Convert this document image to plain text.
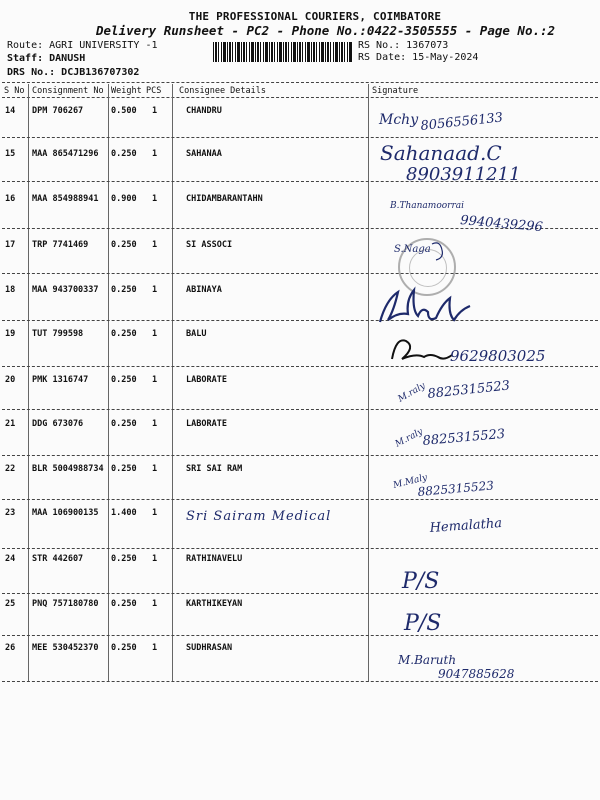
THE PROFESSIONAL COURIERS, COIMBATORE
Delivery Runsheet - PC2 - Phone No.:0422-3505555 - Page No.:2
Route: AGRI UNIVERSITY -1
Staff: DANUSH
DRS No.: DCJB136707302
RS No.: 1367073
RS Date: 15-May-2024
S No Consignment No Weight PCS Consignee Details	Signature
14 DPM 706267	0.500 1	CHANDRU
Mchy 8056556133
15 MAA 865471296 0.250 1	SAHANAA	Sahanaad.C
8903911211
16 MAA 854988941 0.900 1	CHIDAMBARANTAHN
B.Thanamoorrai
9940439296
17 TRP 7741469	0.250 1	SI ASSOCI	S.Naga
18 MAA 943700337 0.250 1	ABINAYA
19 TUT 799598	0.250 1	BALU
9629803025
20 PMK 1316747	0.250 1	LABORATE
M.raly 8825315523
21 DDG 673076	0.250 1	LABORATE
M.raly
8825315523
22 BLR 5004988734 0.250 1	SRI SAI RAM
M.Maly
8825315523
23 MAA 106900135 1.400 1 Sri Sairam Medical	Hemalatha
24 STR 442607	0.250 1	RATHINAVELU
P/S
25 PNQ 757180780 0.250 1	KARTHIKEYAN
P/S
26 MEE 530452370 0.250 1	SUDHRASAN
M.Baruth
9047885628
